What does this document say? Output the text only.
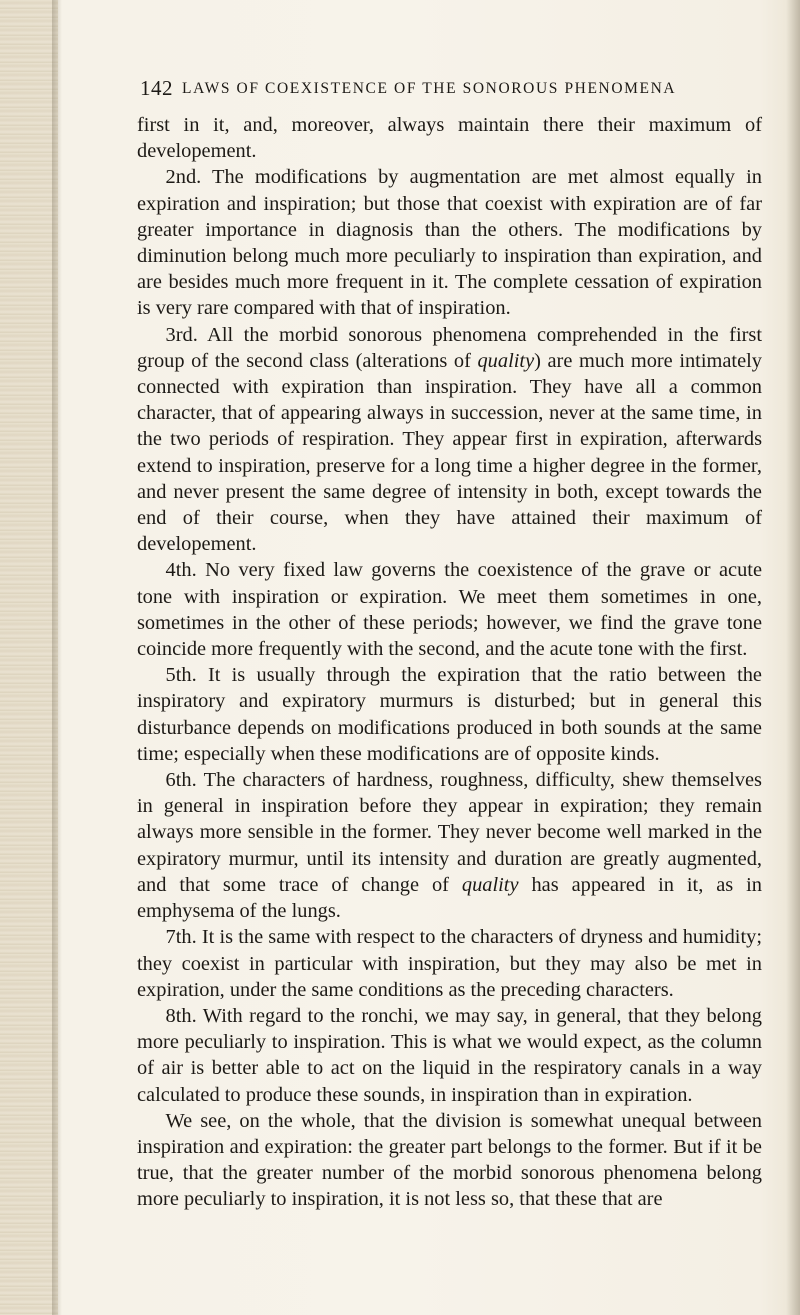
142 LAWS OF COEXISTENCE OF THE SONOROUS PHENOMENA

first in it, and, moreover, always maintain there their maximum of developement.

2nd. The modifications by augmentation are met almost equally in expiration and inspiration; but those that coexist with expiration are of far greater importance in diagnosis than the others. The modifications by diminution belong much more peculiarly to inspiration than expiration, and are besides much more frequent in it. The complete cessation of expiration is very rare compared with that of inspiration.

3rd. All the morbid sonorous phenomena comprehended in the first group of the second class (alterations of quality) are much more intimately connected with expiration than inspiration. They have all a common character, that of appearing always in succession, never at the same time, in the two periods of respiration. They appear first in expiration, afterwards extend to inspiration, preserve for a long time a higher degree in the former, and never present the same degree of intensity in both, except towards the end of their course, when they have attained their maximum of developement.

4th. No very fixed law governs the coexistence of the grave or acute tone with inspiration or expiration. We meet them sometimes in one, sometimes in the other of these periods; however, we find the grave tone coincide more frequently with the second, and the acute tone with the first.

5th. It is usually through the expiration that the ratio between the inspiratory and expiratory murmurs is disturbed; but in general this disturbance depends on modifications produced in both sounds at the same time; especially when these modifications are of opposite kinds.

6th. The characters of hardness, roughness, difficulty, shew themselves in general in inspiration before they appear in expiration; they remain always more sensible in the former. They never become well marked in the expiratory murmur, until its intensity and duration are greatly augmented, and that some trace of change of quality has appeared in it, as in emphysema of the lungs.

7th. It is the same with respect to the characters of dryness and humidity; they coexist in particular with inspiration, but they may also be met in expiration, under the same conditions as the preceding characters.

8th. With regard to the ronchi, we may say, in general, that they belong more peculiarly to inspiration. This is what we would expect, as the column of air is better able to act on the liquid in the respiratory canals in a way calculated to produce these sounds, in inspiration than in expiration.

We see, on the whole, that the division is somewhat unequal between inspiration and expiration: the greater part belongs to the former. But if it be true, that the greater number of the morbid sonorous phenomena belong more peculiarly to inspiration, it is not less so, that these that are
